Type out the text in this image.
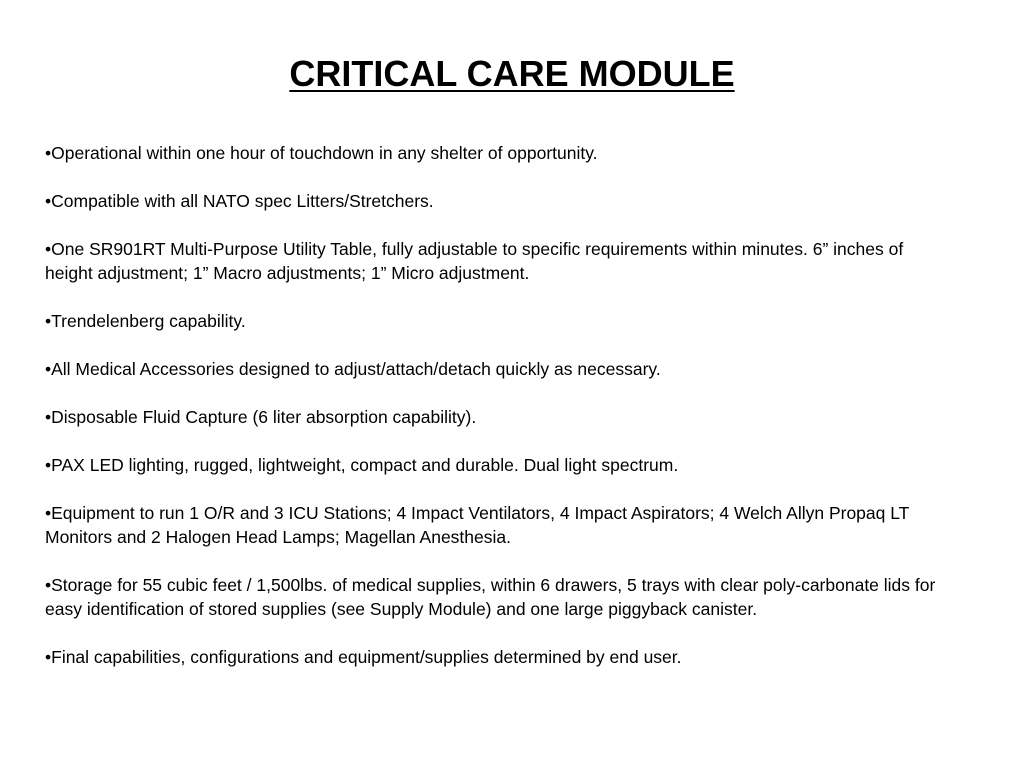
CRITICAL CARE MODULE
•Operational within one hour of touchdown in any shelter of opportunity.
•Compatible with all NATO spec Litters/Stretchers.
•One SR901RT Multi-Purpose Utility Table, fully adjustable to specific requirements within minutes. 6” inches of height adjustment; 1” Macro adjustments; 1” Micro adjustment.
•Trendelenberg capability.
•All Medical Accessories designed to adjust/attach/detach quickly as necessary.
•Disposable Fluid Capture (6 liter absorption capability).
•PAX LED lighting, rugged, lightweight, compact and durable. Dual light spectrum.
•Equipment to run 1 O/R and 3 ICU Stations; 4 Impact Ventilators, 4 Impact Aspirators; 4 Welch Allyn Propaq LT Monitors and 2 Halogen Head Lamps; Magellan Anesthesia.
•Storage for 55 cubic feet / 1,500lbs. of medical supplies, within 6 drawers, 5 trays with clear poly-carbonate lids for easy identification of stored supplies (see Supply Module) and one large piggyback canister.
•Final capabilities, configurations and equipment/supplies determined by end user.
